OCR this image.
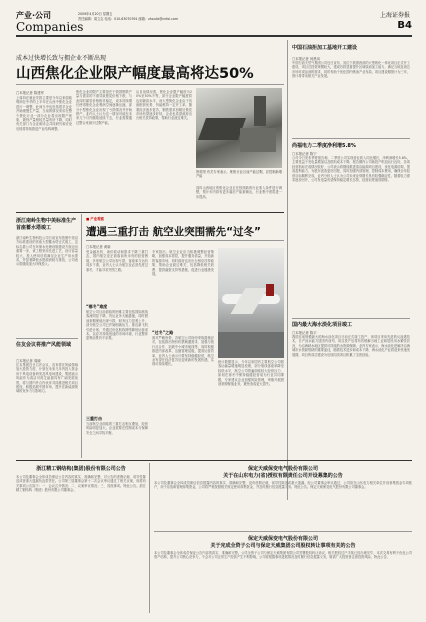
产业·公司	2009年4月20日 星期五
责任编辑：周立志 电话：010-63070391 邮箱：zhouliz@cnfol.com
Companies
上海证券报
B4
成本过快增长致与拥企业不断出现
山西焦化企业限产幅度最高将达50%
□本报记者 陈建军
上周四在就业安排主要是今年以来面临利润在中华的上半年在山西中焦化企业进行一调整，此间当中也包括很多企业开始缓慢生产量，当前的情况来讲在整个焦化行业一部分企业将出现限产现象，最终产量相较总量有所下降，同时有关部门与企业和协会共同研究和讨论后续将持续推进产业结构调整。
焦化企业的限产主要是在于我国钢铁产量与需求的下滑导致焦炭价格下跌，与此同时煤炭价格相对稳定，成本持续增长使得焦化企业利润空间逐渐压缩，部分小型焦化企业出现了亏损情况并开始停产，业内人士认为这一情况可能在未来几个月内继续延续下去，行业需要通过整合来减少过剩产能。
从目前情况看，焦化企业限产幅度为20%至50%不等，部分企业限产幅度将达到最高水平，而大型焦化企业由于具备配套优势，仍能维持一定开工率，随着经济逐步复苏，钢铁需求回暖后焦炭市场有望逐步好转，企业也希望政府出台相关扶持政策，帮助行业渡过难关。
资料图 有关专家表示，炼焦行业目前产能过剩，应控制新增产能
同时山西地区的焦化企业正在按照新的行业准入条件进行调整，预计年内将有更多落后产能被淘汰，行业集中度将进一步提高。
中国石油拒加工基地开工建设
□本报记者 何晨凤
中国石油天然气集团公司近日宣布，其位于我国西部的大型炼化一体化项目正式开工建设，项目总投资规模较大，建成后将显著提升区域原油加工能力，满足当地及周边市场对成品油的需求，同时有助于优化国内炼油产业布局，项目建设期预计为三年，预计将带动相关产业发展。
尚福电力二季度净利增5.8%
□本报记者 陈宁
公司今日发布季度报告称，二季度公司实现营业收入同比增长，净利润增长5.8%，主要受益于发电量增加以及燃料成本下降，报告期内公司新投产机组运行良好，各项经营指标完成情况较好，公司表示将继续推进清洁能源项目建设，优化电源结构，提高盈利能力，为股东创造更好回报，同时加强内部管理，控制成本费用，确保全年经营目标顺利完成，业内分析人士认为公司未来业绩增长具有较强确定性，随着电力需求逐步回升，公司发电量有望保持稳定增长态势，经营前景值得期待。
国内最大海水淡化项目竣工
□本报记者 陈宇
我国目前规模最大的海水淡化项目日前正式竣工投产，该项目采用先进的反渗透技术，日产淡水能力居国内前列，项目投产后将有效缓解当地工业和居民用水紧张状况，为沿海缺水地区提供可持续的水资源保障，业内专家表示，海水淡化是解决沿海城市水资源短缺的重要途径，随着技术进步和成本下降，海水淡化产业将迎来快速发展期，项目的成功建设为后续同类项目积累了宝贵经验。
浙江南岭生物中美标准生产首座蓄水塔竣工
浙江南岭生物科技公司日前宣布按照中美双方标准建设的首座大型蓄水塔正式竣工，这标志着公司在环保水处理设施建设方面迈出重要一步，该工程采用先进工艺，设计容量较大，投入使用后将满足企业生产用水需求，并显著降低水资源消耗与排放，公司表示将继续加大环保投入。
住友会议将推产风能领域
□本报记者 周晓
住友集团近日召开会议，宣布将在风能领域加大投资力度，计划在未来几年内投入资金用于风电设备研发及风电场建设，集团表示风能作为清洁可再生能源具有广阔发展前景，将与国内外合作伙伴共同推进相关项目建设，积极拓展中国市场，提升在新能源领域的竞争力与影响力。
■ 产业观察
遭遇三重打击 航空业突围需先“过冬”
□本报记者 黄新
受金融危机、油价波动和需求下降三重打击，国内航空业正面临前所未有的经营困境，多家航空公司出现亏损，客座率与运价同步下滑，业内人士认为航空业必须先度过寒冬，才能寻求突围之路。
“哪冬”难度
航空公司目前面临的困难主要包括国际航线客流明显下降，货运业务大幅萎缩，同时燃油套期保值出现亏损，财务压力显著上升，部分航空公司已开始削减运力，推迟新飞机引进计划，并通过优化航线网络降低运营成本，以应对持续低迷的市场环境，行业整体盈利前景仍不乐观。
三重打击
当前航空业面临的三重打击相互叠加，经营风险明显加大，企业需要在控制成本与保障安全之间寻找平衡。
专家指出，航空企业应当积极调整经营策略，加强成本管控，提升服务质量，开拓新的客源市场，同时政府也应出台相应扶持政策，帮助企业渡过难关，包括降低相关收费、提供融资支持等措施，促进行业健康发展。
“过冬”之路
面对严峻形势，各航空公司纷纷采取措施应对，包括推出特价机票刺激需求、加强与旅行社合作、拓展中小城市航线等，同时积极推进内部改革，压缩管理层级，提高运营效率，业内人士表示只要坚持稳健经营，航空业有望在经济复苏后迎来新的发展机遇，实现可持续增长。
统计数据显示，今年以来国内主要航空公司旅客运输量增速明显放缓，部分航线客座率降至较低水平，航空公司普遍面临较大经营压力，如何在寒冬中保持稳健经营成为行业共同课题，专家建议企业加强风险管理，审慎开展燃油套期保值业务，避免造成更大损失。
浙江精工钢结构(集团)股份有限公司公告
本公司及董事会全体成员保证公告内容的真实、准确和完整，对公告的虚假记载、误导性陈述或者重大遗漏负连带责任。公司第三届董事会第十二次会议审议通过了相关议案，现将有关事项公告如下：一、会议召开情况；二、议案审议情况；三、其他事项。特此公告。浙江精工钢结构（集团）股份有限公司董事会。
保定天威保变电气股份有限公司
关于在山东电力(省)授权有限责任公司开设募集的公告
本公司及董事会全体成员保证信息披露内容的真实、准确和完整，没有虚假记载、误导性陈述或重大遗漏。经公司董事会审议通过，公司拟在山东电力相关单位开设募集资金专项账户，用于存放和管理募集资金，公司将严格按照相关规定使用募集资金，并及时履行信息披露义务。特此公告。保定天威保变电气股份有限公司董事会。
保定天威保变电气股份有限公司
关于完成全资子公司与保定天威集团公司股权转让事项有关的公告
本公司及董事会全体成员保证公告内容的真实、准确和完整。公司全资子公司与保定天威集团有限公司签署股权转让协议，相关股权过户手续已经办理完毕，本次交易有利于优化公司资产结构，提升公司核心竞争力，不会对公司正常生产经营产生不利影响，公司将根据事项进展情况及时履行信息披露义务，敬请广大投资者注意投资风险。特此公告。
